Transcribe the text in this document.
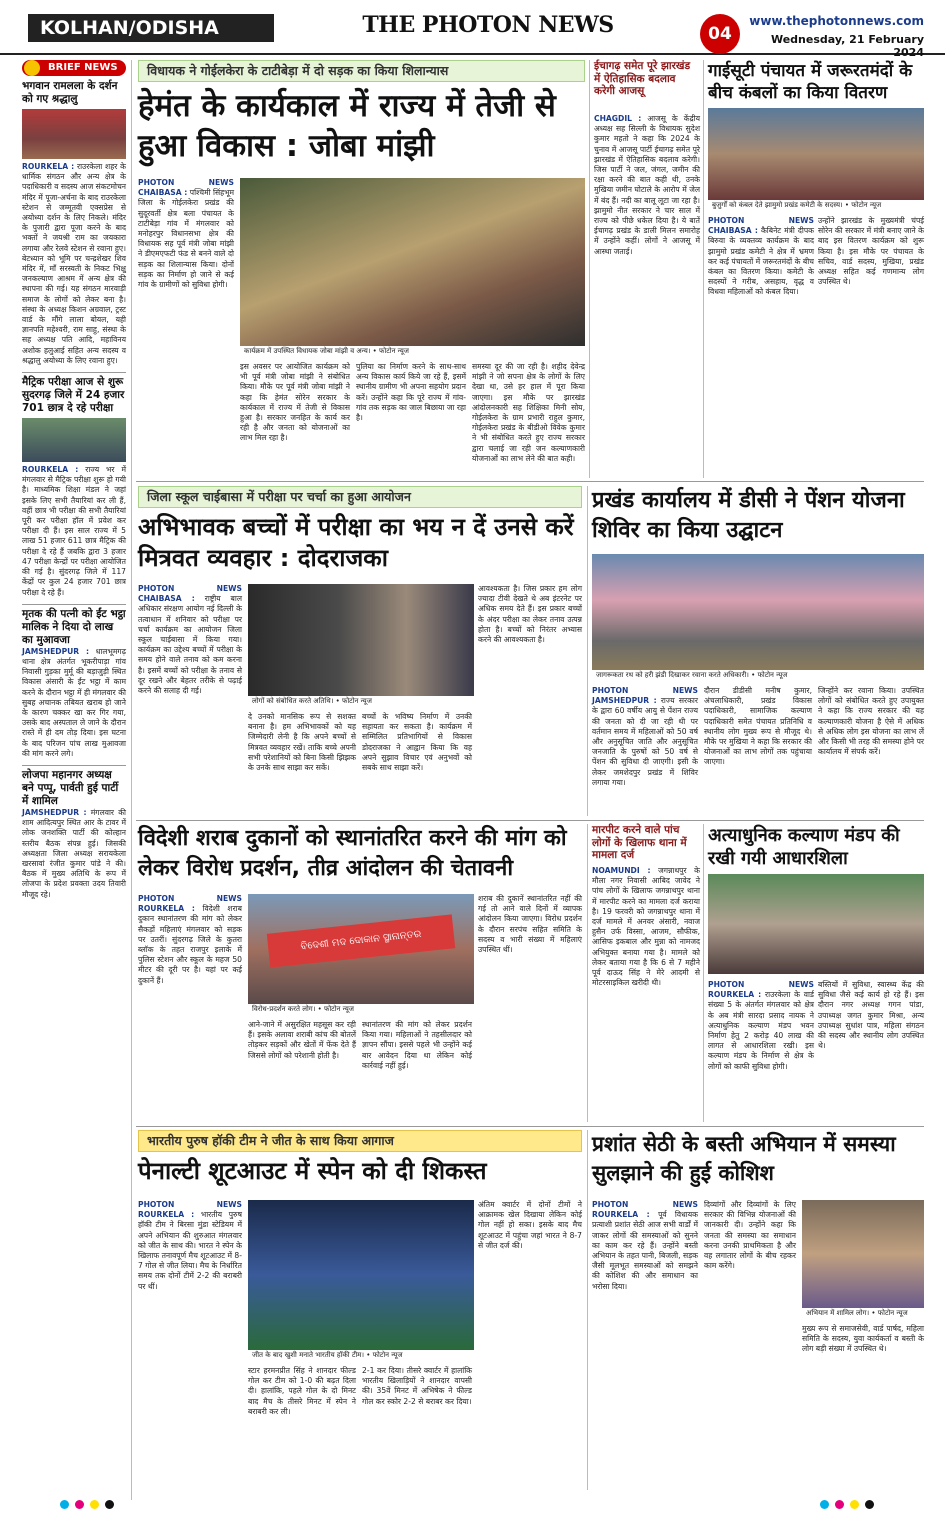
KOLHAN/ODISHA	THE PHOTON NEWS	04
www.thephotonnews.com
Wednesday, 21 February 2024
BRIEF NEWS
भगवान रामलला के दर्शन को गए श्रद्धालु
ROURKELA : राउरकेला शहर के धार्मिक संगठन और अन्य क्षेत्र के पदाधिकारी व सदस्य आज संकटमोचन मंदिर में पूजा-अर्चना के बाद राउरकेला स्टेशन से जम्मूतवी एक्सप्रेस से अयोध्या दर्शन के लिए निकले। मंदिर के पुजारी द्वारा पूजा करने के बाद भक्तों ने जयश्री राम का जयकारा लगाया और रेलवे स्टेशन से रवाना हुए। बेटध्यान को भूमि पर चन्द्रशेखर शिव मंदिर में, माँ सरस्वती के निकट भिक्षु जनकल्याण आश्रम में अन्य क्षेत्र की स्थापना की गई। यह संगठन मारवाड़ी समाज के लोगों को लेकर बना है। संस्था के अध्यक्ष किशन अग्रवाल, ट्रस्ट वार्ड के मौंगे लाला बोयल, यही ज्ञानपति महेश्वरी, राम साहु, संस्था के सह अध्यक्ष पति आदि, महाविनय अशोक हलुआई सहित अन्य सदस्य व श्रद्धालु अयोध्या के लिए रवाना हुए।
मैट्रिक परीक्षा आज से शुरू सुदरगढ़ जिले में 24 हजार 701 छात्र दे रहे परीक्षा
ROURKELA : राज्य भर में मंगलवार से मैट्रिक परीक्षा शुरू हो गयी है। माध्यमिक शिक्षा मंडल ने जहां इसके लिए सभी तैयारियां कर ली हैं, वहीं छात्र भी परीक्षा की सभी तैयारियां पूरी कर परीक्षा हॉल में प्रवेश कर परीक्षा दी हैं। इस साल राज्य में 5 लाख 51 हजार 611 छात्र मैट्रिक की परीक्षा दे रहे हैं जबकि द्वारा 3 हजार 47 परीक्षा केन्द्रों पर परीक्षा आयोजित की गई है। सुंदरगढ़ जिले में 117 केंद्रों पर कुल 24 हजार 701 छात्र परीक्षा दे रहे हैं।
मृतक की पत्नी को ईंट भट्ठा मालिक ने दिया दो लाख का मुआवजा
JAMSHEDPUR : धालभूमगढ़ थाना क्षेत्र अंतर्गत भूकरीपाड़ा गांव निवासी गुड़का मुर्मू की बड़ाजुड़ी स्थित विकास अंसारी के ईंट भट्ठा में काम करने के दौरान भट्ठा में ही मंगलवार की सुबह अचानक तबियत खराब हो जाने के कारण चक्कर खा कर गिर गया, उसके बाद अस्पताल ले जाने के दौरान रास्ते में ही दम तोड़ दिया। इस घटना के बाद परिजन पांच लाख मुआवजा की मांग करने लगे।
लोजपा महानगर अध्यक्ष बने पप्पू, पार्वती हुई पार्टी में शामिल
JAMSHEDPUR : मंगलवार की शाम आदित्यपुर स्थित आर के टावर में लोक जनशक्ति पार्टी की कोल्हान स्तरीय बैठक संपन्न हुई। जिसकी अध्यक्षता जिला अध्यक्ष सरायकेला खरसावां रंजीत कुमार पांडे ने की। बैठक में मुख्य अतिथि के रूप में लोजपा के प्रदेश प्रवक्ता उदय तिवारी मौजूद रहे।
विधायक ने गोईलकेरा के टाटीबेड़ा में दो सड़क का किया शिलान्यास
हेमंत के कार्यकाल में राज्य में तेजी से हुआ विकास : जोबा मांझी
PHOTON NEWS CHAIBASA : पश्चिमी सिंहभूम जिला के गोईलकेरा प्रखंड की सुदूरवर्ती क्षेत्र बला पंचायत के टाटीबेड़ा गांव में मंगलवार को मनोहरपुर विधानसभा क्षेत्र की विधायक सह पूर्व मंत्री जोबा मांझी ने डीएमएफटी फंड से बनने वाले दो सड़क का शिलान्यास किया। दोनों सड़क का निर्माण हो जाने से कई गांव के ग्रामीणों को सुविधा होगी।
कार्यक्रम में उपस्थित विधायक जोबा मांझी व अन्य। • फोटोन न्यूज
इस अवसर पर आयोजित कार्यक्रम को भी पूर्व मंत्री जोबा मांझी ने संबोधित किया। मौके पर पूर्व मंत्री जोबा मांझी ने कहा कि हेमंत सोरेन सरकार के कार्यकाल में राज्य में तेजी से विकास हुआ है। सरकार जनहित के कार्य कर रही है और जनता को योजनाओं का लाभ मिल रहा है।
पुलिया का निर्माण करने के साथ-साथ अन्य विकास कार्य किये जा रहे हैं, इसमें स्थानीय ग्रामीण भी अपना सहयोग प्रदान करें। उन्होंने कहा कि पूरे राज्य में गांव-गांव तक सड़क का जाल बिछाया जा रहा है।
समस्या दूर की जा रही है। शहीद देवेन्द्र मांझी ने जो सपना क्षेत्र के लोगों के लिए देखा था, उसे हर हाल में पूरा किया जाएगा। इस मौके पर झारखंड आंदोलनकारी सह शिक्षिका मिनी सोय, गोईलकेरा के ग्राम प्रभारी राहुल कुमार, गोईलकेरा प्रखंड के बीडीओ विवेक कुमार ने भी संबोधित करते हुए राज्य सरकार द्वारा चलाई जा रही जन कल्याणकारी योजनाओं का लाभ लेने की बात कही।
ईचागढ़ समेत पूरे झारखंड में ऐतिहासिक बदलाव करेगी आजसू
CHAGDIL : आजसू के केंद्रीय अध्यक्ष सह सिल्ली के विधायक सुदेश कुमार महतो ने कहा कि 2024 के चुनाव में आजसू पार्टी ईचागढ़ समेत पूरे झारखंड में ऐतिहासिक बदलाव करेगी। जिस पार्टी ने जल, जंगल, जमीन की रक्षा करने की बात कही थी, उनके मुखिया जमीन घोटाले के आरोप में जेल में बंद हैं। नदी का बालू लूटा जा रहा है। झामुमो नीत सरकार ने चार साल में राज्य को पीछे धकेल दिया है। ये बातें ईचागढ़ प्रखंड के डाली मिलन समारोह में उन्होंने कहीं। लोगों ने आजसू में आस्था जताई।
गाईसूटी पंचायत में जरूरतमंदों के बीच कंबलों का किया वितरण
बुजुर्गों को कंबल देते झामुमो प्रखंड कमेटी के सदस्य। • फोटोन न्यूज
PHOTON NEWS CHAIBASA : कैबिनेट मंत्री दीपक बिरुवा के व्यक्तव्य कार्यक्रम के बाद झामुमो प्रखंड कमेटी ने क्षेत्र में भ्रमण कर कई पंचायतों में जरूरतमंदों के बीच कंबल का वितरण किया। कमेटी के सदस्यों ने गरीब, असहाय, वृद्ध व विधवा महिलाओं को कंबल दिया।
उन्होंने झारखंड के मुख्यमंत्री चंपई सोरेन की सरकार में मंत्री बनाए जाने के बाद इस वितरण कार्यक्रम को शुरू किया है। इस मौके पर पंचायत के सचिव, वार्ड सदस्य, मुखिया, प्रखंड अध्यक्ष सहित कई गणमान्य लोग उपस्थित थे।
जिला स्कूल चाईबासा में परीक्षा पर चर्चा का हुआ आयोजन
अभिभावक बच्चों में परीक्षा का भय न दें उनसे करें मित्रवत व्यवहार : दोदराजका
PHOTON NEWS CHAIBASA : राष्ट्रीय बाल अधिकार संरक्षण आयोग नई दिल्ली के तत्वाधान में शनिवार को परीक्षा पर चर्चा कार्यक्रम का आयोजन जिला स्कूल चाईबासा में किया गया। कार्यक्रम का उद्देश्य बच्चों में परीक्षा के समय होने वाले तनाव को कम करना है। इसमें बच्चों को परीक्षा के तनाव से दूर रखने और बेहतर तरीके से पढ़ाई करने की सलाह दी गई।
लोगों को संबोधित करते अतिथि। • फोटोन न्यूज
दे उनको मानसिक रूप से सशक्त बनाना है। हम अभिभावकों को यह जिम्मेदारी लेनी है कि अपने बच्चों से मित्रवत व्यवहार रखें। ताकि बच्चे अपनी सभी परेशानियों को बिना किसी झिझक के उनके साथ साझा कर सकें।
बच्चों के भविष्य निर्माण में उनकी सहायता कर सकता है। कार्यक्रम में सम्मिलित प्रतिभागियों से विकास डोदराजका ने आह्वान किया कि वह अपने सुझाव विचार एवं अनुभवों को सबके साथ साझा करें।
आवश्यकता है। जिस प्रकार हम लोग ज्यादा टीवी देखते थे अब इंटरनेट पर अधिक समय देते हैं। इस प्रकार बच्चों के अंदर परीक्षा का लेकर तनाव उत्पन्न होता है। बच्चों को निरंतर अभ्यास करने की आवश्यकता है।
प्रखंड कार्यालय में डीसी ने पेंशन योजना शिविर का किया उद्घाटन
जागरूकता रथ को हरी झंडी दिखाकर रवाना करते अधिकारी। • फोटोन न्यूज
PHOTON NEWS JAMSHEDPUR : राज्य सरकार के द्वारा 60 वर्षीय आयु से पेंशन राज्य की जनता को दी जा रही थी पर वर्तमान समय में महिलाओं को 50 वर्ष और अनुसूचित जाति और अनुसूचित जनजाति के पुरुषों को 50 वर्ष से पेंशन की सुविधा दी जाएगी। इसी के लेकर जमशेदपुर प्रखंड में शिविर लगाया गया।
दौरान डीडीसी मनीष कुमार, अंचलाधिकारी, प्रखंड विकास पदाधिकारी, सामाजिक कल्याण पदाधिकारी समेत पंचायत प्रतिनिधि व स्थानीय लोग मुख्य रूप से मौजूद थे। मौके पर मुखिया ने कहा कि सरकार की योजनाओं का लाभ लोगों तक पहुंचाया जाएगा।
जिन्होंने कर रवाना किया। उपस्थित लोगों को संबोधित करते हुए उपायुक्त ने कहा कि राज्य सरकार की यह कल्याणकारी योजना है ऐसे में अधिक से अधिक लोग इस योजना का लाभ लें और किसी भी तरह की समस्या होने पर कार्यालय में संपर्क करें।
विदेशी शराब दुकानों को स्थानांतरित करने की मांग को लेकर विरोध प्रदर्शन, तीव्र आंदोलन की चेतावनी
PHOTON NEWS ROURKELA : विदेशी शराब दुकान स्थानांतरण की मांग को लेकर सैकड़ों महिलाएं मंगलवार को सड़क पर उतरीं। सुंदरगढ़ जिले के कुतरा ब्लॉक के तहत राजपुर इलाके में पुलिस स्टेशन और स्कूल के महज 50 मीटर की दूरी पर है। यहां पर कई दुकानें हैं।
ବିଦେଶୀ ମଦ ଦୋକାନ ସ୍ଥାନାନ୍ତର
विरोध-प्रदर्शन करते लोग। • फोटोन न्यूज
आने-जाने में असुरक्षित महसूस कर रही हैं। इसके अलावा शराबी कांच की बोतलें तोड़कर सड़कों और खेतों में फेंक देते हैं जिससे लोगों को परेशानी होती है।
स्थानांतरण की मांग को लेकर प्रदर्शन किया गया। महिलाओं ने तहसीलदार को ज्ञापन सौंपा। इससे पहले भी उन्होंने कई बार आवेदन दिया था लेकिन कोई कार्रवाई नहीं हुई।
शराब की दुकानें स्थानांतरित नहीं की गई तो आने वाले दिनों में व्यापक आंदोलन किया जाएगा। विरोध प्रदर्शन के दौरान सरपंच सहित समिति के सदस्य व भारी संख्या में महिलाएं उपस्थित थीं।
मारपीट करने वाले पांच लोगों के खिलाफ थाना में मामला दर्ज
NOAMUNDI : जगन्नाथपुर के मौला नगर निवासी आबिद जावेद ने पांच लोगों के खिलाफ जगन्नाथपुर थाना में मारपीट करने का मामला दर्ज कराया है। 19 फरवरी को जगन्नाथपुर थाना में दर्ज मामले में अनवर अंसारी, नवाज हुसैन उर्फ विस्सा, आजम, सौफीक, आसिफ इकबाल और मुन्ना को नामजद अभियुक्त बनाया गया है। मामले को लेकर बताया गया है कि 6 से 7 महीने पूर्व दाऊद सिंह ने मेरे आदमी से मोटरसाइकिल खरीदी थी।
अत्याधुनिक कल्याण मंडप की रखी गयी आधारशिला
PHOTON NEWS ROURKELA : राउरकेला के वार्ड संख्या 5 के अंतर्गत मंगलवार को क्षेत्र के अब मंत्री सारदा प्रसाद नायक ने अत्याधुनिक कल्याण मंडप भवन निर्माण हेतु 2 करोड़ 40 लाख की लागत से आधारशिला रखी। इस कल्याण मंडप के निर्माण से क्षेत्र के लोगों को काफी सुविधा होगी।
बस्तियों में सुविधा, स्वास्थ्य केंद्र की सुविधा जैसे कई कार्य हो रहे हैं। इस दौरान नगर अध्यक्ष गगन पांडा, उपाध्यक्ष जगत कुमार मिश्रा, अन्य उपाध्यक्ष सुधांश पात्र, महिला संगठन की सदस्य और स्थानीय लोग उपस्थित थे।
भारतीय पुरुष हॉकी टीम ने जीत के साथ किया आगाज
पेनाल्टी शूटआउट में स्पेन को दी शिकस्त
PHOTON NEWS ROURKELA : भारतीय पुरुष हॉकी टीम ने बिरसा मुंडा स्टेडियम में अपने अभियान की शुरुआत मंगलवार को जीत के साथ की। भारत ने स्पेन के खिलाफ तनावपूर्ण मैच शूटआउट में 8-7 गोल से जीत लिया। मैच के निर्धारित समय तक दोनों टीमें 2-2 की बराबरी पर थीं।
जीत के बाद खुशी मनाते भारतीय हॉकी टीम। • फोटोन न्यूज
स्टार हरमनप्रीत सिंह ने शानदार फील्ड गोल कर टीम को 1-0 की बढ़त दिला दी। हालांकि, पहले गोल के दो मिनट बाद मैच के तीसरे मिनट में स्पेन ने बराबरी कर ली।
2-1 कर दिया। तीसरे क्वार्टर में हालांकि भारतीय खिलाड़ियों ने शानदार वापसी की। 35वें मिनट में अभिषेक ने फील्ड गोल कर स्कोर 2-2 से बराबर कर दिया।
अंतिम क्वार्टर में दोनों टीमों ने आक्रामक खेल दिखाया लेकिन कोई गोल नहीं हो सका। इसके बाद मैच शूटआउट में पहुंचा जहां भारत ने 8-7 से जीत दर्ज की।
प्रशांत सेठी के बस्ती अभियान में समस्या सुलझाने की हुई कोशिश
PHOTON NEWS ROURKELA : पूर्व विधायक प्रत्याशी प्रशांत सेठी आज सभी वार्डों में जाकर लोगों की समस्याओं को सुनने का काम कर रहे हैं। उन्होंने बस्ती अभियान के तहत पानी, बिजली, सड़क जैसी मूलभूत समस्याओं को समझने की कोशिश की और समाधान का भरोसा दिया।
दिव्यांगों और दिव्यांगों के लिए सरकार की विभिन्न योजनाओं की जानकारी दी। उन्होंने कहा कि जनता की समस्या का समाधान करना उनकी प्राथमिकता है और वह लगातार लोगों के बीच रहकर काम करेंगे।
अभियान में शामिल लोग। • फोटोन न्यूज
मुख्य रूप से समाजसेवी, वार्ड पार्षद, महिला समिति के सदस्य, युवा कार्यकर्ता व बस्ती के लोग बड़ी संख्या में उपस्थित थे।
